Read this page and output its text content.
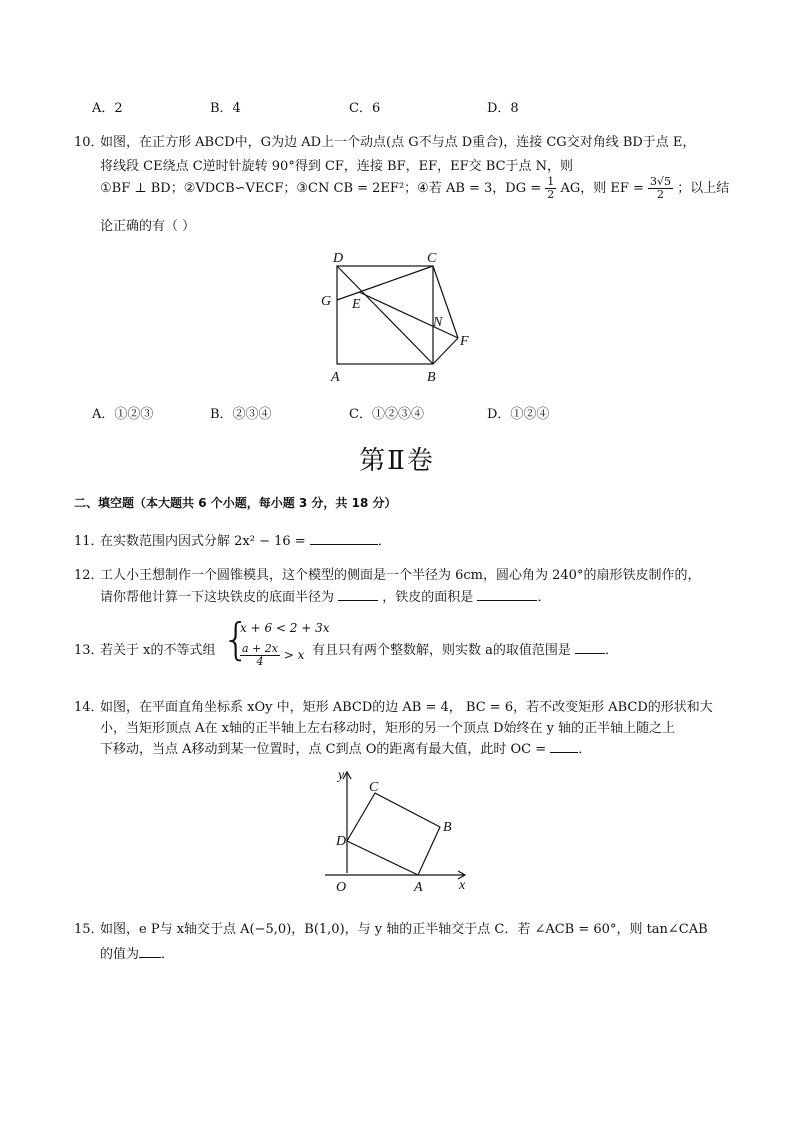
A．2	B．4	C．6	D．8
10．
如图，在正方形 ABCD中，G为边 AD上一个动点(点 G不与点 D重合)，连接 CG交对角线 BD于点 E，
将线段 CE绕点 C逆时针旋转 90°得到 CF，连接 BF，EF，EF交 BC于点 N，则
①BF ⊥ BD；②VDCB∽VECF；③CN CB = 2EF²；④若 AB = 3，DG = $\frac{1}{2}$ AG，则 EF = $\frac{3√5}{2}$ ；以上结
论正确的有（ ）
D	C
G E
N
F
A	B
A．①②③	B．②③④	C．①②③④	D．①②④
第Ⅱ卷
二、填空题（本大题共 6 个小题，每小题 3 分，共 18 分）
11．
在实数范围内因式分解 2x² − 16 =	．
12．
工人小王想制作一个圆锥模具，这个模型的侧面是一个半径为 6cm，圆心角为 240°的扇形铁皮制作的，
请你帮他计算一下这块铁皮的底面半径为	，铁皮的面积是	．
13．
若关于 x的不等式组 {
x + 6 < 2 + 3x
$\frac{a + 2x}{4} > x$ 有且只有两个整数解，则实数 a的取值范围是	．
14．
如图，在平面直角坐标系 xOy 中，矩形 ABCD的边 AB = 4， BC = 6，若不改变矩形 ABCD的形状和大
小，当矩形顶点 A在 x轴的正半轴上左右移动时，矩形的另一个顶点 D始终在 y 轴的正半轴上随之上
下移动，当点 A移动到某一位置时，点 C到点 O的距离有最大值，此时 OC = ．
y
x
O	A
B
C
D
15．
如图，e P与 x轴交于点 A(−5,0)，B(1,0)，与 y 轴的正半轴交于点 C．若 ∠ACB = 60°，则 tan∠CAB
的值为 ．
